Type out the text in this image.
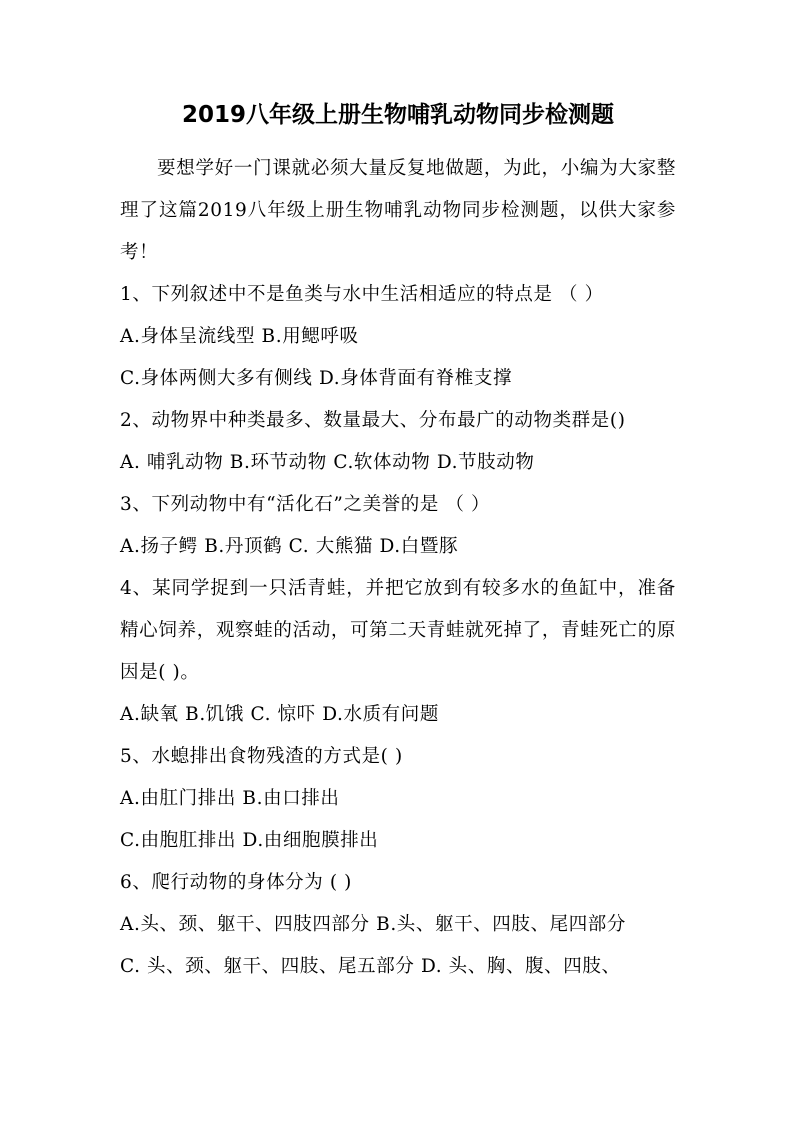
2019八年级上册生物哺乳动物同步检测题

要想学好一门课就必须大量反复地做题，为此，小编为大家整理了这篇2019八年级上册生物哺乳动物同步检测题，以供大家参考！

1、下列叙述中不是鱼类与水中生活相适应的特点是 （ ）
A.身体呈流线型 B.用鳃呼吸
C.身体两侧大多有侧线 D.身体背面有脊椎支撑
2、动物界中种类最多、数量最大、分布最广的动物类群是()
A. 哺乳动物 B.环节动物 C.软体动物 D.节肢动物
3、下列动物中有“活化石”之美誉的是 （ ）
A.扬子鳄 B.丹顶鹤 C. 大熊猫 D.白暨豚
4、某同学捉到一只活青蛙，并把它放到有较多水的鱼缸中，准备精心饲养，观察蛙的活动，可第二天青蛙就死掉了，青蛙死亡的原因是( )。
A.缺氧 B.饥饿 C. 惊吓 D.水质有问题
5、水螅排出食物残渣的方式是( )
A.由肛门排出 B.由口排出
C.由胞肛排出 D.由细胞膜排出
6、爬行动物的身体分为 ( )
A.头、颈、躯干、四肢四部分 B.头、躯干、四肢、尾四部分
C. 头、颈、躯干、四肢、尾五部分 D. 头、胸、腹、四肢、
